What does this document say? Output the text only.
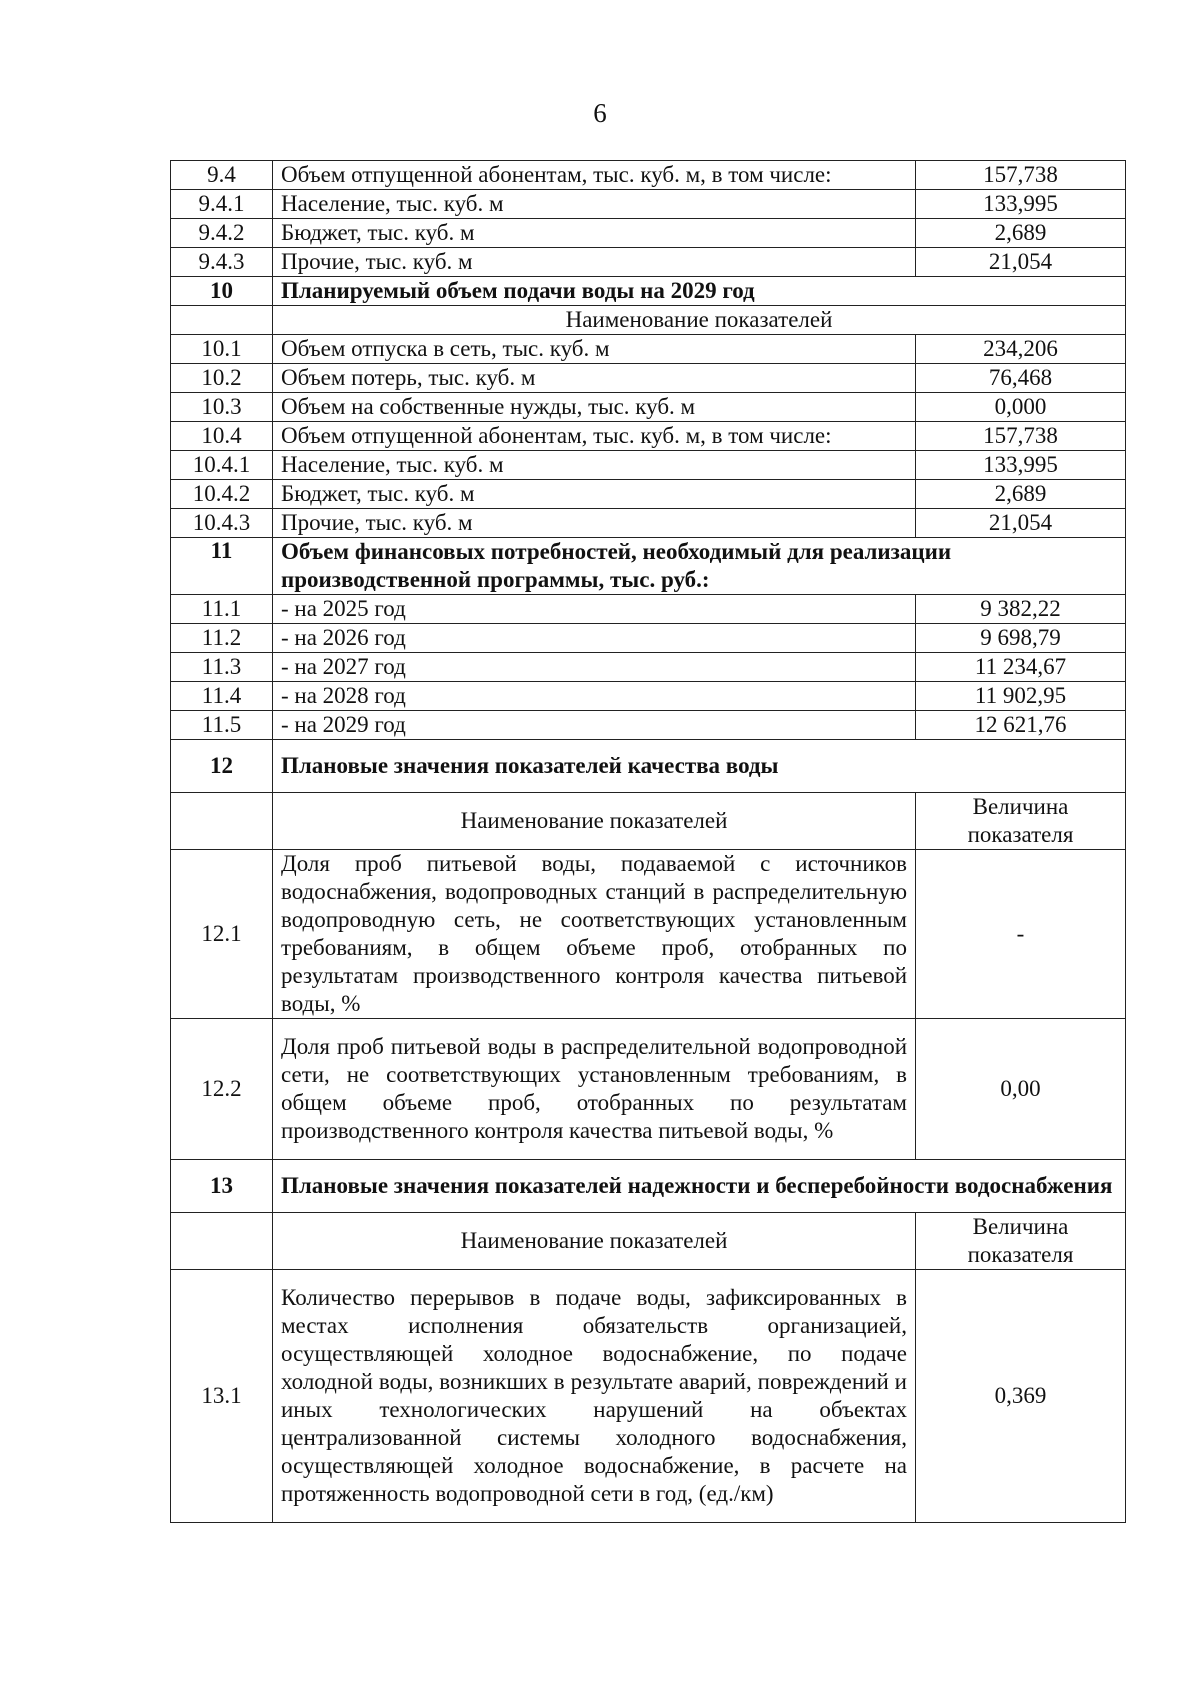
6
9.4	Объем отпущенной абонентам, тыс. куб. м, в том числе:	157,738
9.4.1	Население, тыс. куб. м	133,995
9.4.2	Бюджет, тыс. куб. м	2,689
9.4.3	Прочие, тыс. куб. м	21,054
10	Планируемый объем подачи воды на 2029 год	
	Наименование показателей	
10.1	Объем отпуска в сеть, тыс. куб. м	234,206
10.2	Объем потерь, тыс. куб. м	76,468
10.3	Объем на собственные нужды, тыс. куб. м	0,000
10.4	Объем отпущенной абонентам, тыс. куб. м, в том числе:	157,738
10.4.1	Население, тыс. куб. м	133,995
10.4.2	Бюджет, тыс. куб. м	2,689
10.4.3	Прочие, тыс. куб. м	21,054
11	Объем финансовых потребностей, необходимый для реализации производственной программы, тыс. руб.:	
11.1	- на 2025 год	9 382,22
11.2	- на 2026 год	9 698,79
11.3	- на 2027 год	11 234,67
11.4	- на 2028 год	11 902,95
11.5	- на 2029 год	12 621,76
12	Плановые значения показателей качества воды	
	Наименование показателей	Величина показателя
12.1	Доля проб питьевой воды, подаваемой с источников водоснабжения, водопроводных станций в распределительную водопроводную сеть, не соответствующих установленным требованиям, в общем объеме проб, отобранных по результатам производственного контроля качества питьевой воды, %	-
12.2	Доля проб питьевой воды в распределительной водопроводной сети, не соответствующих установленным требованиям, в общем объеме проб, отобранных по результатам производственного контроля качества питьевой воды, %	0,00
13	Плановые значения показателей надежности и бесперебойности водоснабжения	
	Наименование показателей	Величина показателя
13.1	Количество перерывов в подаче воды, зафиксированных в местах исполнения обязательств организацией, осуществляющей холодное водоснабжение, по подаче холодной воды, возникших в результате аварий, повреждений и иных технологических нарушений на объектах централизованной системы холодного водоснабжения, осуществляющей холодное водоснабжение, в расчете на протяженность водопроводной сети в год, (ед./км)	0,369
